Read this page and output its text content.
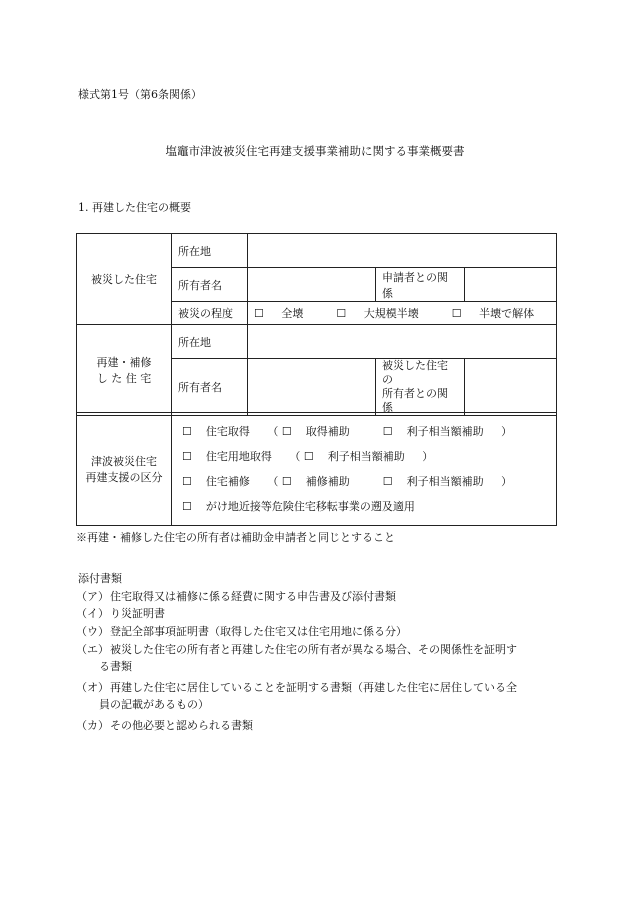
様式第1号（第6条関係）
塩竈市津波被災住宅再建支援事業補助に関する事業概要書
1. 再建した住宅の概要
被災した住宅	所在地			
	所有者名		申請者との関係	
	被災の程度	☐ 全壊 ☐ 大規模半壊 ☐ 半壊で解体		

再建・補修
し た 住 宅	所在地			
	所有者名		被災した住宅の
所有者との関係	

津波被災住宅
再建支援の区分

☐ 住宅取得 （ ☐ 取得補助	☐ 利子相当額補助 ）
☐ 住宅用地取得 （ ☐ 利子相当額補助 ）
☐ 住宅補修 （ ☐ 補修補助	☐ 利子相当額補助 ）
☐ がけ地近接等危険住宅移転事業の遡及適用
※再建・補修した住宅の所有者は補助金申請者と同じとすること
添付書類
（ア）住宅取得又は補修に係る経費に関する申告書及び添付書類
（イ）り災証明書
（ウ）登記全部事項証明書（取得した住宅又は住宅用地に係る分）
（エ）被災した住宅の所有者と再建した住宅の所有者が異なる場合、その関係性を証明す
る書類
（オ）再建した住宅に居住していることを証明する書類（再建した住宅に居住している全
員の記載があるもの）
（カ）その他必要と認められる書類
